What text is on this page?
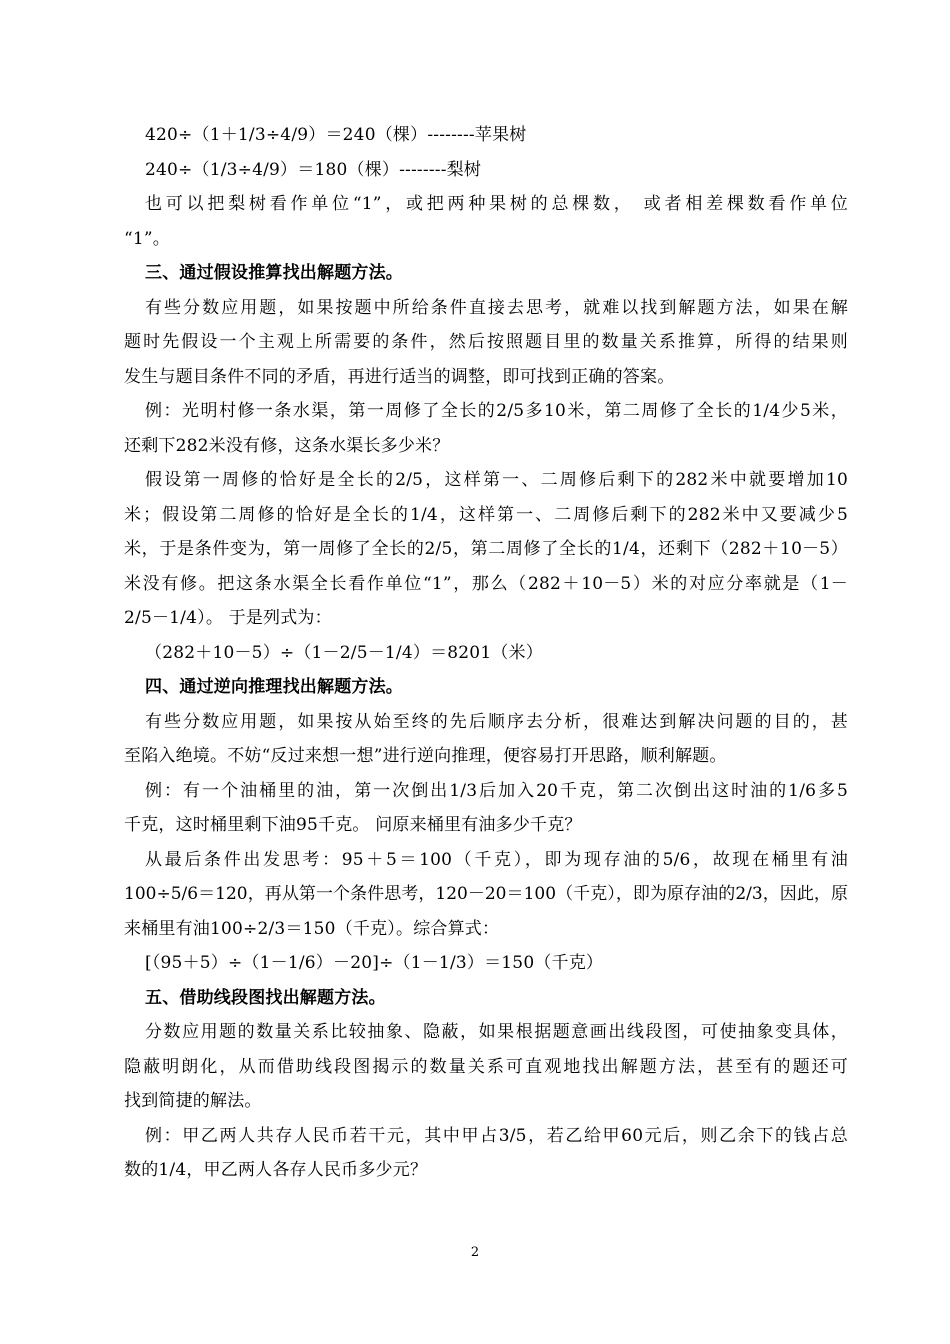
420÷（1＋1/3÷4/9）＝240（棵）--------苹果树
240÷（1/3÷4/9）＝180（棵）--------梨树
也可以把梨树看作单位“1”，或把两种果树的总棵数， 或者相差棵数看作单位
“1”。
三、通过假设推算找出解题方法。
有些分数应用题，如果按题中所给条件直接去思考，就难以找到解题方法，如果在解
题时先假设一个主观上所需要的条件，然后按照题目里的数量关系推算，所得的结果则
发生与题目条件不同的矛盾，再进行适当的调整，即可找到正确的答案。
例：光明村修一条水渠，第一周修了全长的2/5多10米，第二周修了全长的1/4少5米，
还剩下282米没有修，这条水渠长多少米？
假设第一周修的恰好是全长的2/5，这样第一、二周修后剩下的282米中就要增加10
米；假设第二周修的恰好是全长的1/4，这样第一、二周修后剩下的282米中又要减少5
米，于是条件变为，第一周修了全长的2/5，第二周修了全长的1/4，还剩下（282＋10－5）
米没有修。把这条水渠全长看作单位“1”，那么（282＋10－5）米的对应分率就是（1－
2/5－1/4）。 于是列式为：
（282＋10－5）÷（1－2/5－1/4）＝8201（米）
四、通过逆向推理找出解题方法。
有些分数应用题，如果按从始至终的先后顺序去分析，很难达到解决问题的目的，甚
至陷入绝境。不妨“反过来想一想”进行逆向推理，便容易打开思路，顺利解题。
例：有一个油桶里的油，第一次倒出1/3后加入20千克，第二次倒出这时油的1/6多5
千克，这时桶里剩下油95千克。 问原来桶里有油多少千克？
从最后条件出发思考：95＋5＝100（千克），即为现存油的5/6，故现在桶里有油
100÷5/6＝120，再从第一个条件思考，120－20＝100（千克），即为原存油的2/3，因此，原
来桶里有油100÷2/3＝150（千克）。综合算式：
[（95＋5）÷（1－1/6）－20]÷（1－1/3）＝150（千克）
五、借助线段图找出解题方法。
分数应用题的数量关系比较抽象、隐蔽，如果根据题意画出线段图，可使抽象变具体，
隐蔽明朗化，从而借助线段图揭示的数量关系可直观地找出解题方法，甚至有的题还可
找到简捷的解法。
例：甲乙两人共存人民币若干元，其中甲占3/5，若乙给甲60元后，则乙余下的钱占总
数的1/4，甲乙两人各存人民币多少元？
2
